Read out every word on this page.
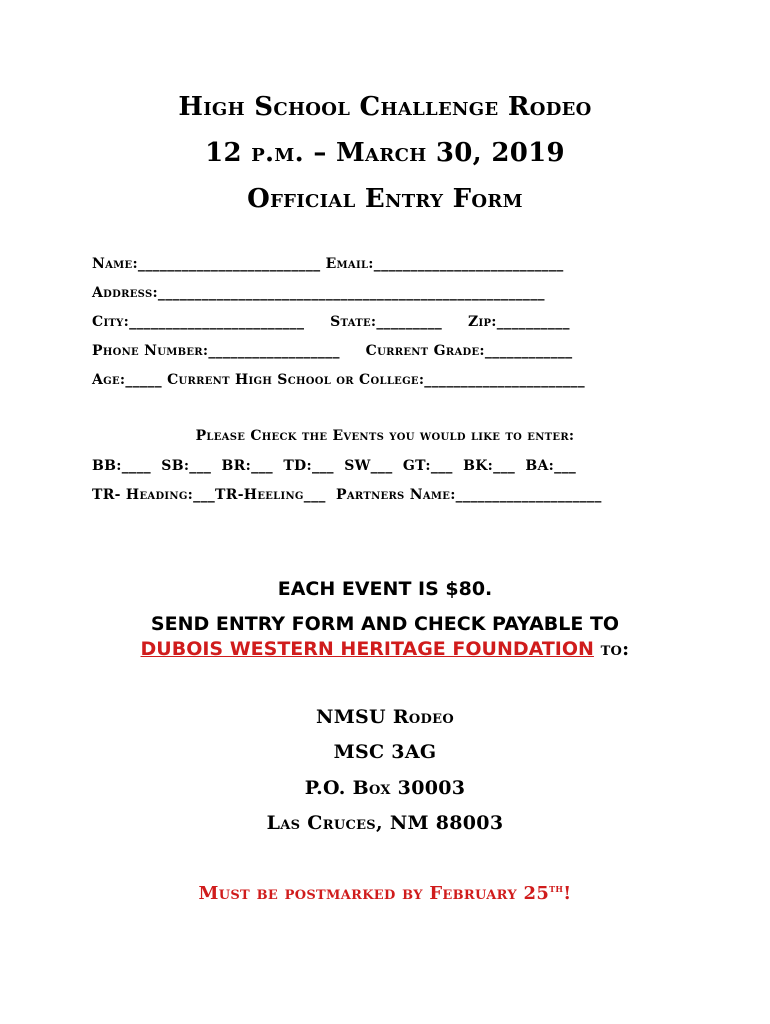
High School Challenge Rodeo
12 p.m. – March 30, 2019
Official Entry Form
Name:_________________________ Email:__________________________
Address:_____________________________________________________
City:________________________     State:_________     Zip:__________
Phone Number:__________________     Current Grade:____________
Age:_____ Current High School or College:______________________
Please Check the Events you would like to enter:
BB:____  SB:___  BR:___  TD:___  SW___  GT:___  BK:___  BA:___
TR- Heading:___TR-Heeling___  Partners Name:____________________
EACH EVENT IS $80.
SEND ENTRY FORM AND CHECK PAYABLE TO
DUBOIS WESTERN HERITAGE FOUNDATION to:
NMSU Rodeo
MSC 3AG
P.O. Box 30003
Las Cruces, NM 88003
Must be postmarked by February 25th!
